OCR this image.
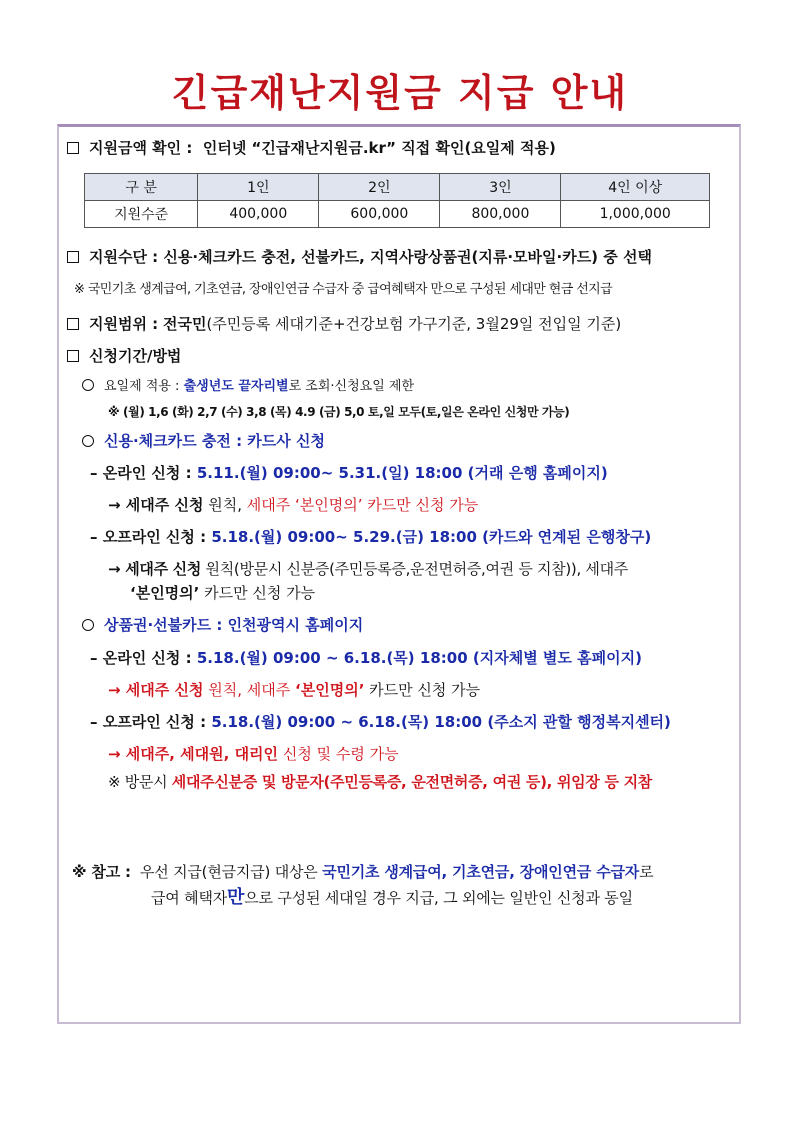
긴급재난지원금 지급 안내
지원금액 확인 : 인터넷 “긴급재난지원금.kr” 직접 확인(요일제 적용)
구 분	1인	2인	3인	4인 이상
지원수준	400,000	600,000	800,000	1,000,000
지원수단 : 신용·체크카드 충전, 선불카드, 지역사랑상품권(지류·모바일·카드) 중 선택
※ 국민기초 생계급여, 기초연금, 장애인연금 수급자 중 급여혜택자 만으로 구성된 세대만 현금 선지급
지원범위 : 전국민(주민등록 세대기준+건강보험 가구기준, 3월29일 전입일 기준)
신청기간/방법
요일제 적용 : 출생년도 끝자리별로 조회·신청요일 제한
※ (월) 1,6 (화) 2,7 (수) 3,8 (목) 4.9 (금) 5,0 토,일 모두(토,일은 온라인 신청만 가능)
신용·체크카드 충전 : 카드사 신청
– 온라인 신청 : 5.11.(월) 09:00~ 5.31.(일) 18:00 (거래 은행 홈페이지)
→ 세대주 신청 원칙, 세대주 ‘본인명의’ 카드만 신청 가능
– 오프라인 신청 : 5.18.(월) 09:00~ 5.29.(금) 18:00 (카드와 연계된 은행창구)
→ 세대주 신청 원칙(방문시 신분증(주민등록증,운전면허증,여권 등 지참)), 세대주
‘본인명의’ 카드만 신청 가능
상품권·선불카드 : 인천광역시 홈페이지
– 온라인 신청 : 5.18.(월) 09:00 ~ 6.18.(목) 18:00 (지자체별 별도 홈페이지)
→ 세대주 신청 원칙, 세대주 ‘본인명의’ 카드만 신청 가능
– 오프라인 신청 : 5.18.(월) 09:00 ~ 6.18.(목) 18:00 (주소지 관할 행정복지센터)
→ 세대주, 세대원, 대리인 신청 및 수령 가능
※ 방문시 세대주신분증 및 방문자(주민등록증, 운전면허증, 여권 등), 위임장 등 지참
※ 참고 : 우선 지급(현금지급) 대상은 국민기초 생계급여, 기초연금, 장애인연금 수급자로
급여 혜택자만으로 구성된 세대일 경우 지급, 그 외에는 일반인 신청과 동일
